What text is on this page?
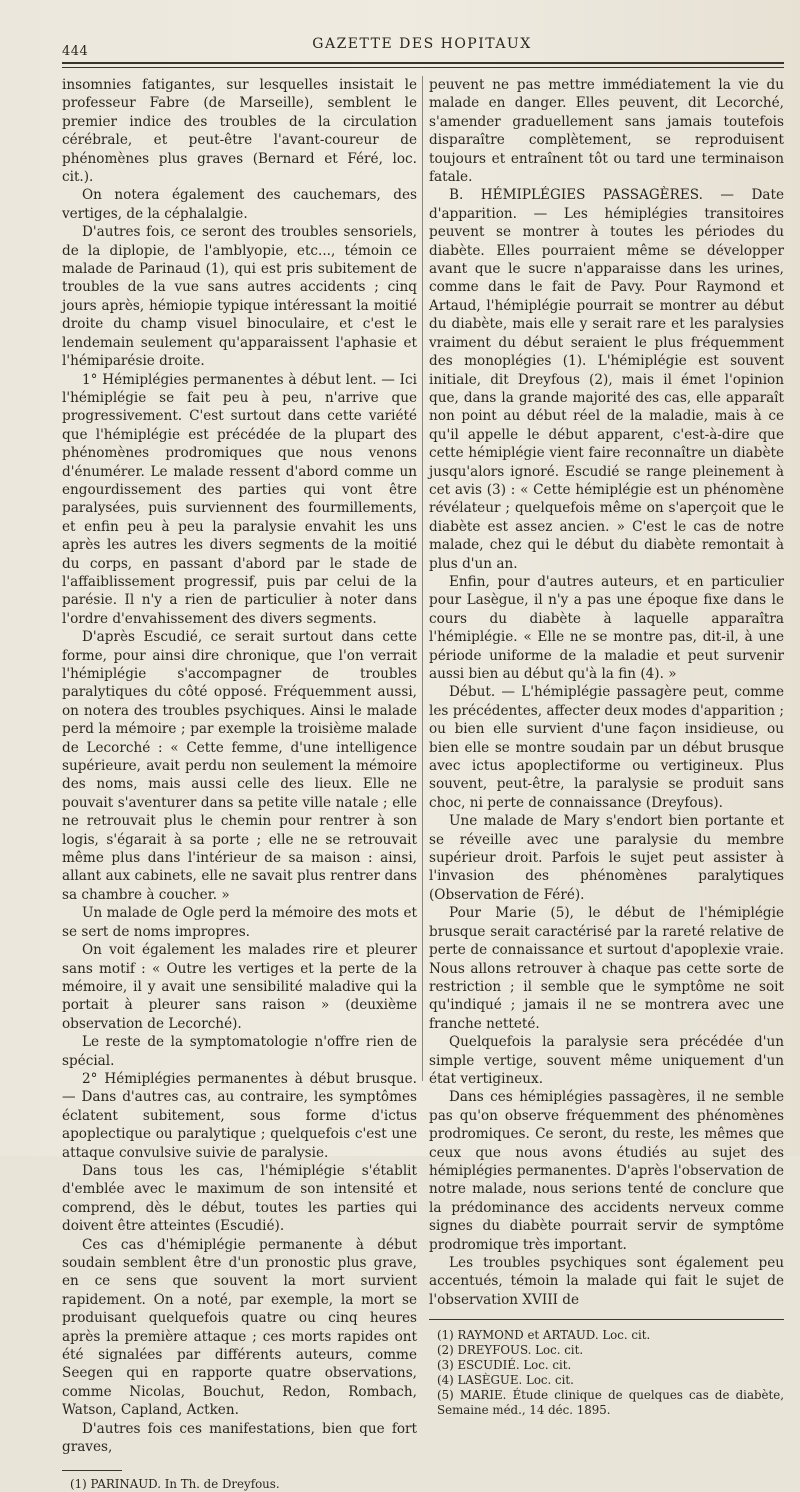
444	GAZETTE DES HOPITAUX

insomnies fatigantes, sur lesquelles insistait le professeur Fabre (de Marseille), semblent le premier indice des troubles de la circulation cérébrale, et peut-être l'avant-coureur de phénomènes plus graves (Bernard et Féré, loc. cit.).

On notera également des cauchemars, des vertiges, de la céphalalgie.

D'autres fois, ce seront des troubles sensoriels, de la diplopie, de l'amblyopie, etc..., témoin ce malade de Parinaud (1), qui est pris subitement de troubles de la vue sans autres accidents ; cinq jours après, hémiopie typique intéressant la moitié droite du champ visuel binoculaire, et c'est le lendemain seulement qu'apparaissent l'aphasie et l'hémiparésie droite.

1° Hémiplégies permanentes à début lent. — Ici l'hémiplégie se fait peu à peu, n'arrive que progressivement. C'est surtout dans cette variété que l'hémiplégie est précédée de la plupart des phénomènes prodromiques que nous venons d'énumérer. Le malade ressent d'abord comme un engourdissement des parties qui vont être paralysées, puis surviennent des fourmillements, et enfin peu à peu la paralysie envahit les uns après les autres les divers segments de la moitié du corps, en passant d'abord par le stade de l'affaiblissement progressif, puis par celui de la parésie. Il n'y a rien de particulier à noter dans l'ordre d'envahissement des divers segments.

D'après Escudié, ce serait surtout dans cette forme, pour ainsi dire chronique, que l'on verrait l'hémiplégie s'accompagner de troubles paralytiques du côté opposé. Fréquemment aussi, on notera des troubles psychiques. Ainsi le malade perd la mémoire ; par exemple la troisième malade de Lecorché : « Cette femme, d'une intelligence supérieure, avait perdu non seulement la mémoire des noms, mais aussi celle des lieux. Elle ne pouvait s'aventurer dans sa petite ville natale ; elle ne retrouvait plus le chemin pour rentrer à son logis, s'égarait à sa porte ; elle ne se retrouvait même plus dans l'intérieur de sa maison : ainsi, allant aux cabinets, elle ne savait plus rentrer dans sa chambre à coucher. »

Un malade de Ogle perd la mémoire des mots et se sert de noms impropres.

On voit également les malades rire et pleurer sans motif : « Outre les vertiges et la perte de la mémoire, il y avait une sensibilité maladive qui la portait à pleurer sans raison » (deuxième observation de Lecorché).

Le reste de la symptomatologie n'offre rien de spécial.

2° Hémiplégies permanentes à début brusque. — Dans d'autres cas, au contraire, les symptômes éclatent subitement, sous forme d'ictus apoplectique ou paralytique ; quelquefois c'est une attaque convulsive suivie de paralysie.

Dans tous les cas, l'hémiplégie s'établit d'emblée avec le maximum de son intensité et comprend, dès le début, toutes les parties qui doivent être atteintes (Escudié).

Ces cas d'hémiplégie permanente à début soudain semblent être d'un pronostic plus grave, en ce sens que souvent la mort survient rapidement. On a noté, par exemple, la mort se produisant quelquefois quatre ou cinq heures après la première attaque ; ces morts rapides ont été signalées par différents auteurs, comme Seegen qui en rapporte quatre observations, comme Nicolas, Bouchut, Redon, Rombach, Watson, Capland, Actken.

D'autres fois ces manifestations, bien que fort graves,

(1) PARINAUD. In Th. de Dreyfous.

peuvent ne pas mettre immédiatement la vie du malade en danger. Elles peuvent, dit Lecorché, s'amender graduellement sans jamais toutefois disparaître complètement, se reproduisent toujours et entraînent tôt ou tard une terminaison fatale.

B. HÉMIPLÉGIES PASSAGÈRES. — Date d'apparition. — Les hémiplégies transitoires peuvent se montrer à toutes les périodes du diabète. Elles pourraient même se développer avant que le sucre n'apparaisse dans les urines, comme dans le fait de Pavy. Pour Raymond et Artaud, l'hémiplégie pourrait se montrer au début du diabète, mais elle y serait rare et les paralysies vraiment du début seraient le plus fréquemment des monoplégies (1). L'hémiplégie est souvent initiale, dit Dreyfous (2), mais il émet l'opinion que, dans la grande majorité des cas, elle apparaît non point au début réel de la maladie, mais à ce qu'il appelle le début apparent, c'est-à-dire que cette hémiplégie vient faire reconnaître un diabète jusqu'alors ignoré. Escudié se range pleinement à cet avis (3) : « Cette hémiplégie est un phénomène révélateur ; quelquefois même on s'aperçoit que le diabète est assez ancien. » C'est le cas de notre malade, chez qui le début du diabète remontait à plus d'un an.

Enfin, pour d'autres auteurs, et en particulier pour Lasègue, il n'y a pas une époque fixe dans le cours du diabète à laquelle apparaîtra l'hémiplégie. « Elle ne se montre pas, dit-il, à une période uniforme de la maladie et peut survenir aussi bien au début qu'à la fin (4). »

Début. — L'hémiplégie passagère peut, comme les précédentes, affecter deux modes d'apparition ; ou bien elle survient d'une façon insidieuse, ou bien elle se montre soudain par un début brusque avec ictus apoplectiforme ou vertigineux. Plus souvent, peut-être, la paralysie se produit sans choc, ni perte de connaissance (Dreyfous).

Une malade de Mary s'endort bien portante et se réveille avec une paralysie du membre supérieur droit. Parfois le sujet peut assister à l'invasion des phénomènes paralytiques (Observation de Féré).

Pour Marie (5), le début de l'hémiplégie brusque serait caractérisé par la rareté relative de perte de connaissance et surtout d'apoplexie vraie. Nous allons retrouver à chaque pas cette sorte de restriction ; il semble que le symptôme ne soit qu'indiqué ; jamais il ne se montrera avec une franche netteté.

Quelquefois la paralysie sera précédée d'un simple vertige, souvent même uniquement d'un état vertigineux.

Dans ces hémiplégies passagères, il ne semble pas qu'on observe fréquemment des phénomènes prodromiques. Ce seront, du reste, les mêmes que ceux que nous avons étudiés au sujet des hémiplégies permanentes. D'après l'observation de notre malade, nous serions tenté de conclure que la prédominance des accidents nerveux comme signes du diabète pourrait servir de symptôme prodromique très important.

Les troubles psychiques sont également peu accentués, témoin la malade qui fait le sujet de l'observation XVIII de

(1) RAYMOND et ARTAUD. Loc. cit.
(2) DREYFOUS. Loc. cit.
(3) ESCUDIÉ. Loc. cit.
(4) LASÈGUE. Loc. cit.
(5) MARIE. Étude clinique de quelques cas de diabète, Semaine méd., 14 déc. 1895.
